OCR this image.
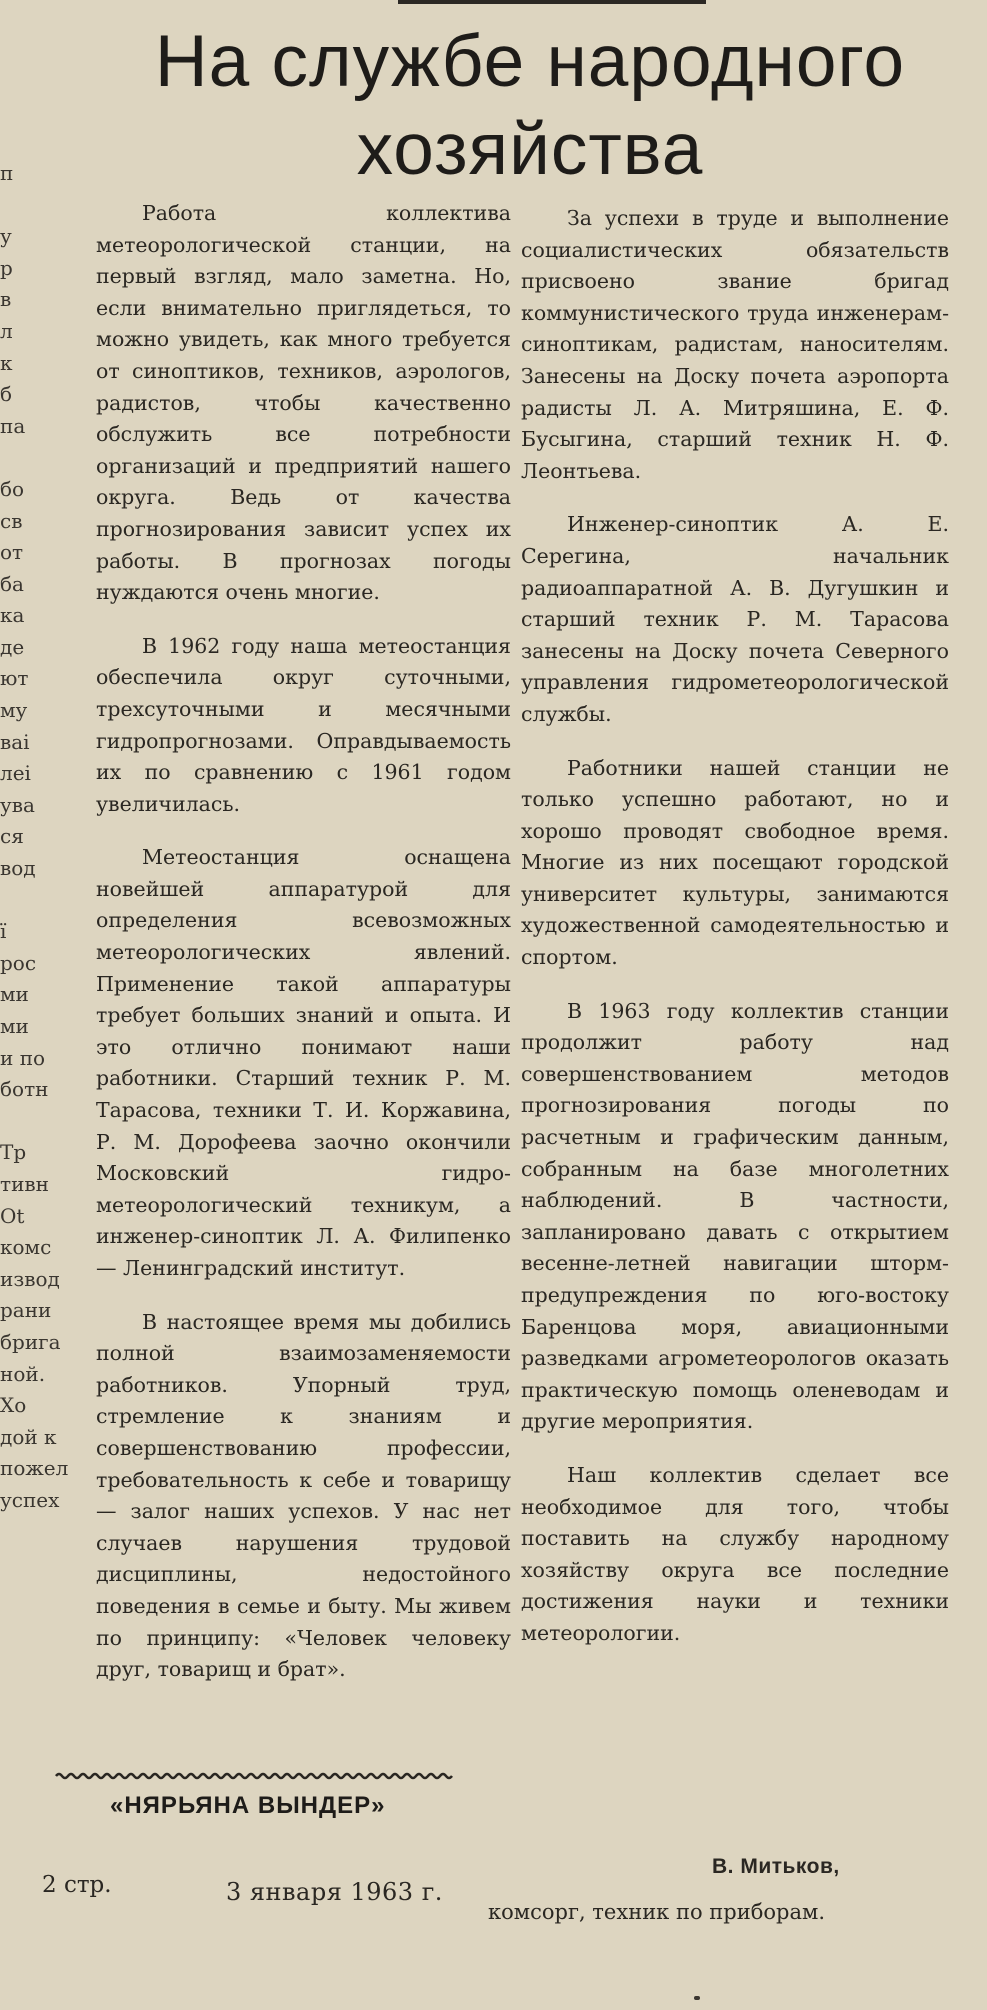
На службе народного
хозяйства

Работа коллектива метеорологической станции, на первый взгляд, мало заметна. Но, если внимательно приглядеться, то можно увидеть, как много требуется от синоптиков, техников, аэрологов, радистов, чтобы качественно обслужить все потребности организаций и предприятий нашего округа. Ведь от качества прогнозирования зависит успех их работы. В прогнозах погоды нуждаются очень многие.

В 1962 году наша метеостанция обеспечила округ суточными, трехсуточными и месячными гидропрогнозами. Оправдываемость их по сравнению с 1961 годом увеличилась.

Метеостанция оснащена новейшей аппаратурой для определения всевозможных метеорологических явлений. Применение такой аппаратуры требует больших знаний и опыта. И это отлично понимают наши работники. Старший техник Р. М. Тарасова, техники Т. И. Коржавина, Р. М. Дорофеева заочно окончили Московский гидро-метеорологический техникум, а инженер-синоптик Л. А. Филипенко — Ленинградский институт.

В настоящее время мы добились полной взаимозаменяемости работников. Упорный труд, стремление к знаниям и совершенствованию профессии, требовательность к себе и товарищу — залог наших успехов. У нас нет случаев нарушения трудовой дисциплины, недостойного поведения в семье и быту. Мы живем по принципу: «Человек человеку друг, товарищ и брат».

За успехи в труде и выполнение социалистических обязательств присвоено звание бригад коммунистического труда инженерам-синоптикам, радистам, наносителям. Занесены на Доску почета аэропорта радисты Л. А. Митряшина, Е. Ф. Бусыгина, старший техник Н. Ф. Леонтьева.

Инженер-синоптик А. Е. Серегина, начальник радиоаппаратной А. В. Дугушкин и старший техник Р. М. Тарасова занесены на Доску почета Северного управления гидрометеорологической службы.

Работники нашей станции не только успешно работают, но и хорошо проводят свободное время. Многие из них посещают городской университет культуры, занимаются художественной самодеятельностью и спортом.

В 1963 году коллектив станции продолжит работу над совершенствованием методов прогнозирования погоды по расчетным и графическим данным, собранным на базе многолетних наблюдений. В частности, запланировано давать с открытием весенне-летней навигации шторм-предупреждения по юго-востоку Баренцова моря, авиационными разведками агрометеорологов оказать практическую помощь оленеводам и другие мероприятия.

Наш коллектив сделает все необходимое для того, чтобы поставить на службу народному хозяйству округа все последние достижения науки и техники метеорологии.

п
у
р
в
л
к
б
па
бо
св
от
ба
ка
де
ют
му
ваі
леі
ува
ся
вод
ї
рос
ми
ми
и по
ботн
Тр
тивн
Ot
комс
извод
рани
брига
ной.
Хо
дой к
пожел
успех
«НЯРЬЯНА ВЫНДЕР»
2 стр.	3 января 1963 г.
В. Митьков,
комсорг, техник по приборам.
